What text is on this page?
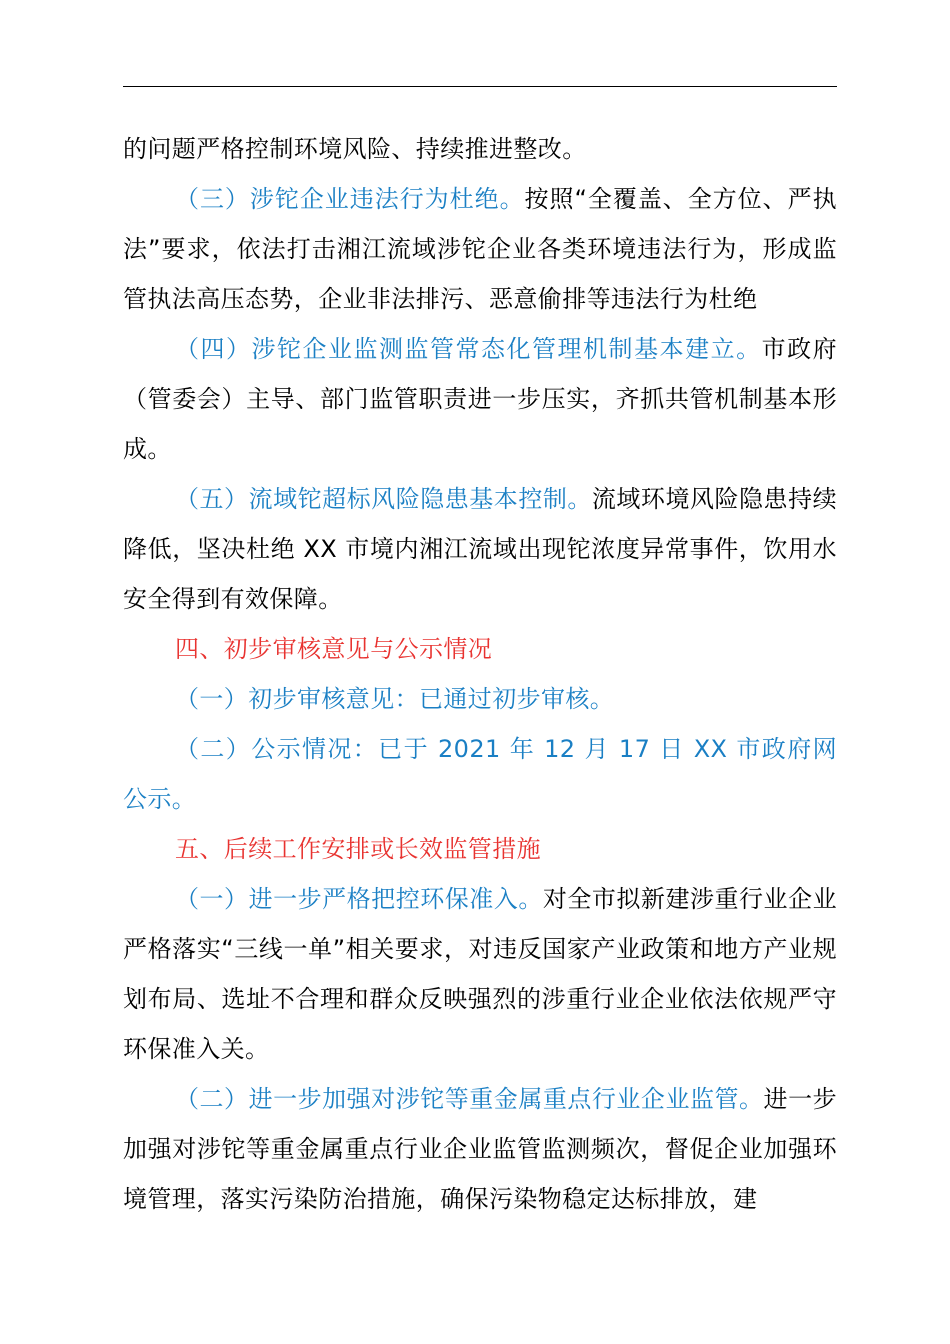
的问题严格控制环境风险、持续推进整改。

（三）涉铊企业违法行为杜绝。按照“全覆盖、全方位、严执法”要求，依法打击湘江流域涉铊企业各类环境违法行为，形成监管执法高压态势，企业非法排污、恶意偷排等违法行为杜绝

（四）涉铊企业监测监管常态化管理机制基本建立。市政府（管委会）主导、部门监管职责进一步压实，齐抓共管机制基本形成。

（五）流域铊超标风险隐患基本控制。流域环境风险隐患持续降低，坚决杜绝 XX 市境内湘江流域出现铊浓度异常事件，饮用水安全得到有效保障。

四、初步审核意见与公示情况

（一）初步审核意见：已通过初步审核。

（二）公示情况：已于 2021 年 12 月 17 日 XX 市政府网公示。

五、后续工作安排或长效监管措施

（一）进一步严格把控环保准入。对全市拟新建涉重行业企业严格落实“三线一单”相关要求，对违反国家产业政策和地方产业规划布局、选址不合理和群众反映强烈的涉重行业企业依法依规严守环保准入关。

（二）进一步加强对涉铊等重金属重点行业企业监管。进一步加强对涉铊等重金属重点行业企业监管监测频次，督促企业加强环境管理，落实污染防治措施，确保污染物稳定达标排放，建
